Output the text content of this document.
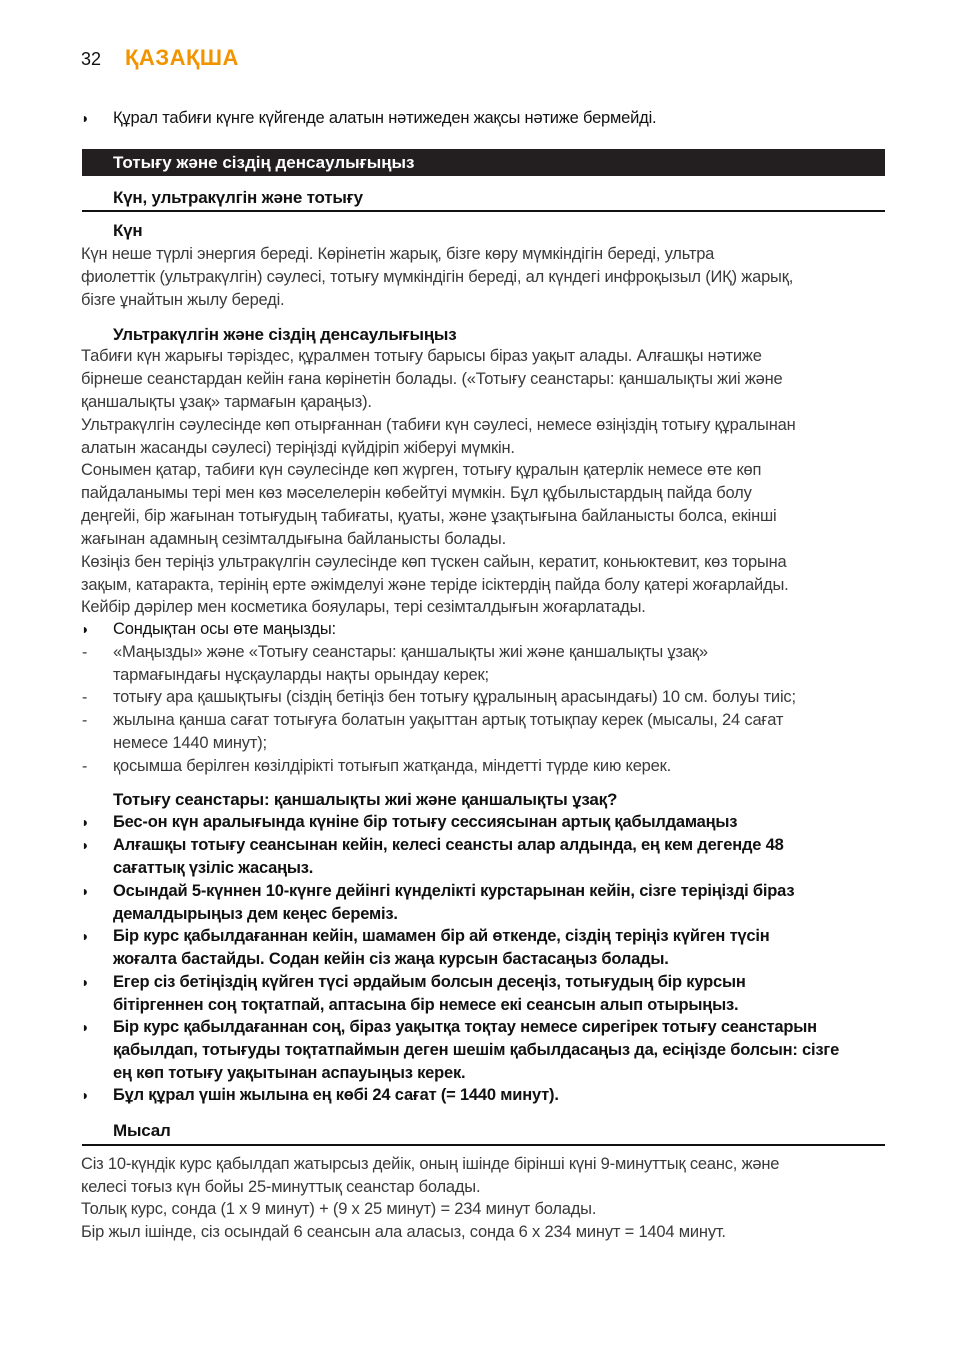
32 ҚАЗАҚША
◗ Құрал табиғи күнге күйгенде алатын нәтижеден жақсы нәтиже бермейді.
Тотығу және сіздің денсаулығыңыз
Күн, ультракүлгін және тотығу
Күн
Күн неше түрлі энергия береді. Көрінетін жарық, бізге көру мүмкіндігін береді, ультра
фиолеттік (ультракүлгін) сәулесі, тотығу мүмкіндігін береді, ал күндегі инфроқызыл (ИҚ) жарық,
бізге ұнайтын жылу береді.
Ультракүлгін және сіздің денсаулығыңыз
Табиғи күн жарығы тәріздес, құралмен тотығу барысы біраз уақыт алады. Алғашқы нәтиже
бірнеше сеанстардан кейін ғана көрінетін болады. («Тотығу сеанстары: қаншалықты жиі және
қаншалықты ұзақ» тармағын қараңыз).
Ультракүлгін сәулесінде көп отырғаннан (табиғи күн сәулесі, немесе өзіңіздің тотығу құралынан
алатын жасанды сәулесі) теріңізді күйдіріп жіберуі мүмкін.
Сонымен қатар, табиғи күн сәулесінде көп жүрген, тотығу құралын қатерлік немесе өте көп
пайдаланымы тері мен көз мәселелерін көбейтуі мүмкін. Бұл құбылыстардың пайда болу
деңгейі, бір жағынан тотығудың табиғаты, қуаты, және ұзақтығына байланысты болса, екінші
жағынан адамның сезімталдығына байланысты болады.
Көзіңіз бен теріңіз ультракүлгін сәулесінде көп түскен сайын, кератит, коньюктевит, көз торына
зақым, катаракта, терінің ерте әжімделуі және теріде ісіктердің пайда болу қатері жоғарлайды.
Кейбір дәрілер мен косметика бояулары, тері сезімталдығын жоғарлатады.
◗ Сондықтан осы өте маңызды:
- «Маңызды» және «Тотығу сеанстары: қаншалықты жиі және қаншалықты ұзақ»
тармағындағы нұсқауларды нақты орындау керек;
- тотығу ара қашықтығы (сіздің бетіңіз бен тотығу құралының арасындағы) 10 см. болуы тиіс;
- жылына қанша сағат тотығуға болатын уақыттан артық тотықпау керек (мысалы, 24 сағат
немесе 1440 минут);
- қосымша берілген көзілдірікті тотығып жатқанда, міндетті түрде кию керек.
Тотығу сеанстары: қаншалықты жиі және қаншалықты ұзақ?
◗ Бес-он күн аралығында күніне бір тотығу сессиясынан артық қабылдамаңыз
◗ Алғашқы тотығу сеансынан кейін, келесі сеансты алар алдында, ең кем дегенде 48
сағаттық үзіліс жасаңыз.
◗ Осындай 5-күннен 10-күнге дейінгі күнделікті курстарынан кейін, сізге теріңізді біраз
демалдырыңыз дем кеңес береміз.
◗ Бір курс қабылдағаннан кейін, шамамен бір ай өткенде, сіздің теріңіз күйген түсін
жоғалта бастайды. Содан кейін сіз жаңа курсын бастасаңыз болады.
◗ Егер сіз бетіңіздің күйген түсі әрдайым болсын десеңіз, тотығудың бір курсын
бітіргеннен соң тоқтатпай, аптасына бір немесе екі сеансын алып отырыңыз.
◗ Бір курс қабылдағаннан соң, біраз уақытқа тоқтау немесе сирегірек тотығу сеанстарын
қабылдап, тотығуды тоқтатпаймын деген шешім қабылдасаңыз да, есіңізде болсын: сізге
ең көп тотығу уақытынан аспауыңыз керек.
◗ Бұл құрал үшін жылына ең көбі 24 сағат (= 1440 минут).
Мысал
Сіз 10-күндік курс қабылдап жатырсыз дейік, оның ішінде бірінші күні 9-минуттық сеанс, және
келесі тоғыз күн бойы 25-минуттық сеанстар болады.
Толық курс, сонда (1 x 9 минут) + (9 x 25 минут) = 234 минут болады.
Бір жыл ішінде, сіз осындай 6 сеансын ала аласыз, сонда 6 x 234 минут = 1404 минут.
